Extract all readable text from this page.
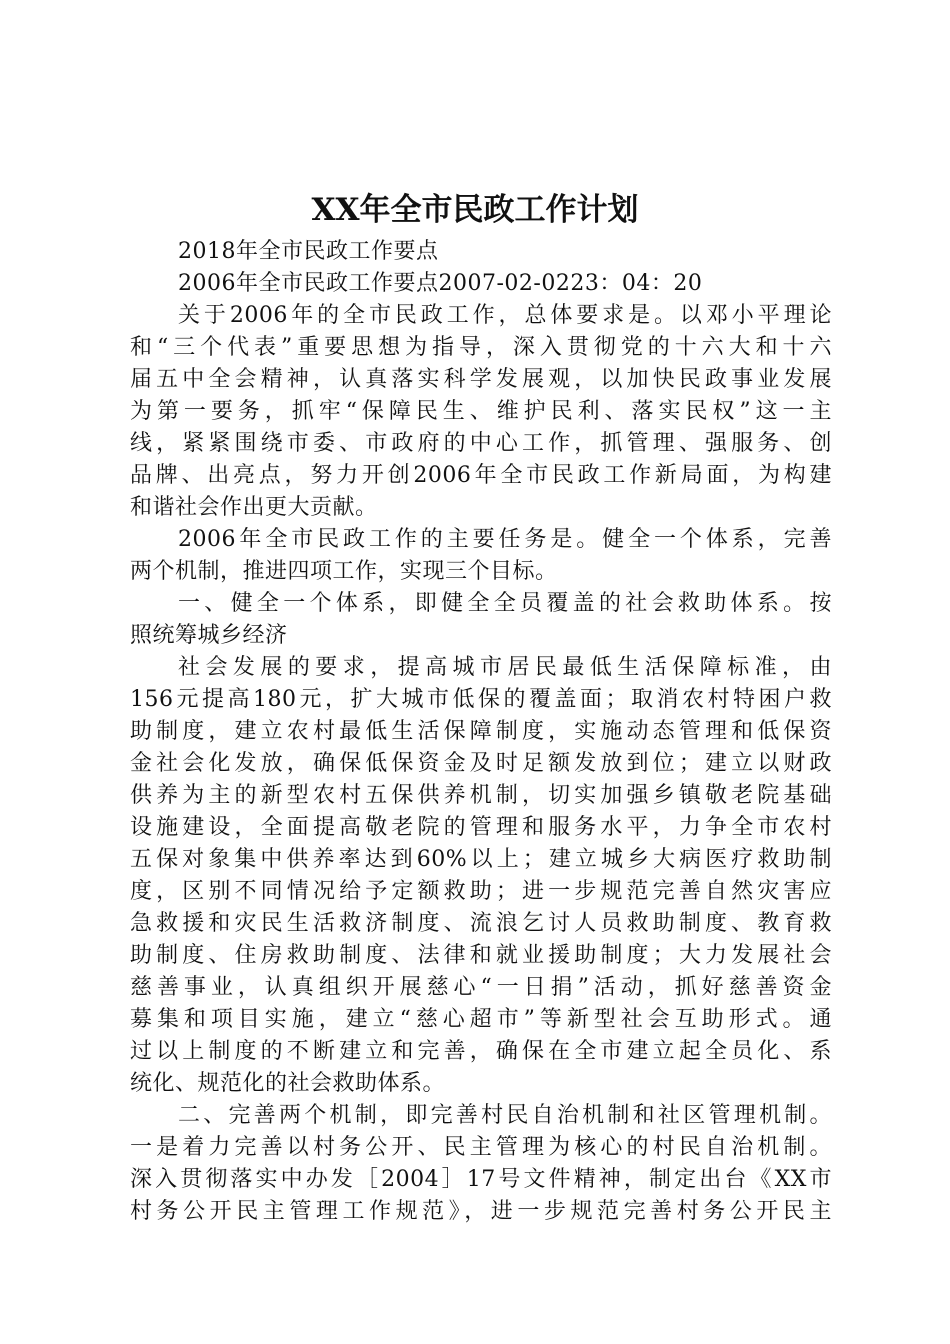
XX年全市民政工作计划
2018年全市民政工作要点
2006年全市民政工作要点2007-02-0223：04：20
关于2006年的全市民政工作，总体要求是。以邓小平理论
和“三个代表”重要思想为指导，深入贯彻党的十六大和十六
届五中全会精神，认真落实科学发展观，以加快民政事业发展
为第一要务，抓牢“保障民生、维护民利、落实民权”这一主
线，紧紧围绕市委、市政府的中心工作，抓管理、强服务、创
品牌、出亮点，努力开创2006年全市民政工作新局面，为构建
和谐社会作出更大贡献。
2006年全市民政工作的主要任务是。健全一个体系，完善
两个机制，推进四项工作，实现三个目标。
一、健全一个体系，即健全全员覆盖的社会救助体系。按
照统筹城乡经济
社会发展的要求，提高城市居民最低生活保障标准，由
156元提高180元，扩大城市低保的覆盖面；取消农村特困户救
助制度，建立农村最低生活保障制度，实施动态管理和低保资
金社会化发放，确保低保资金及时足额发放到位；建立以财政
供养为主的新型农村五保供养机制，切实加强乡镇敬老院基础
设施建设，全面提高敬老院的管理和服务水平，力争全市农村
五保对象集中供养率达到60%以上；建立城乡大病医疗救助制
度，区别不同情况给予定额救助；进一步规范完善自然灾害应
急救援和灾民生活救济制度、流浪乞讨人员救助制度、教育救
助制度、住房救助制度、法律和就业援助制度；大力发展社会
慈善事业，认真组织开展慈心“一日捐”活动，抓好慈善资金
募集和项目实施，建立“慈心超市”等新型社会互助形式。通
过以上制度的不断建立和完善，确保在全市建立起全员化、系
统化、规范化的社会救助体系。
二、完善两个机制，即完善村民自治机制和社区管理机制。
一是着力完善以村务公开、民主管理为核心的村民自治机制。
深入贯彻落实中办发［2004］17号文件精神，制定出台《XX市
村务公开民主管理工作规范》，进一步规范完善村务公开民主
